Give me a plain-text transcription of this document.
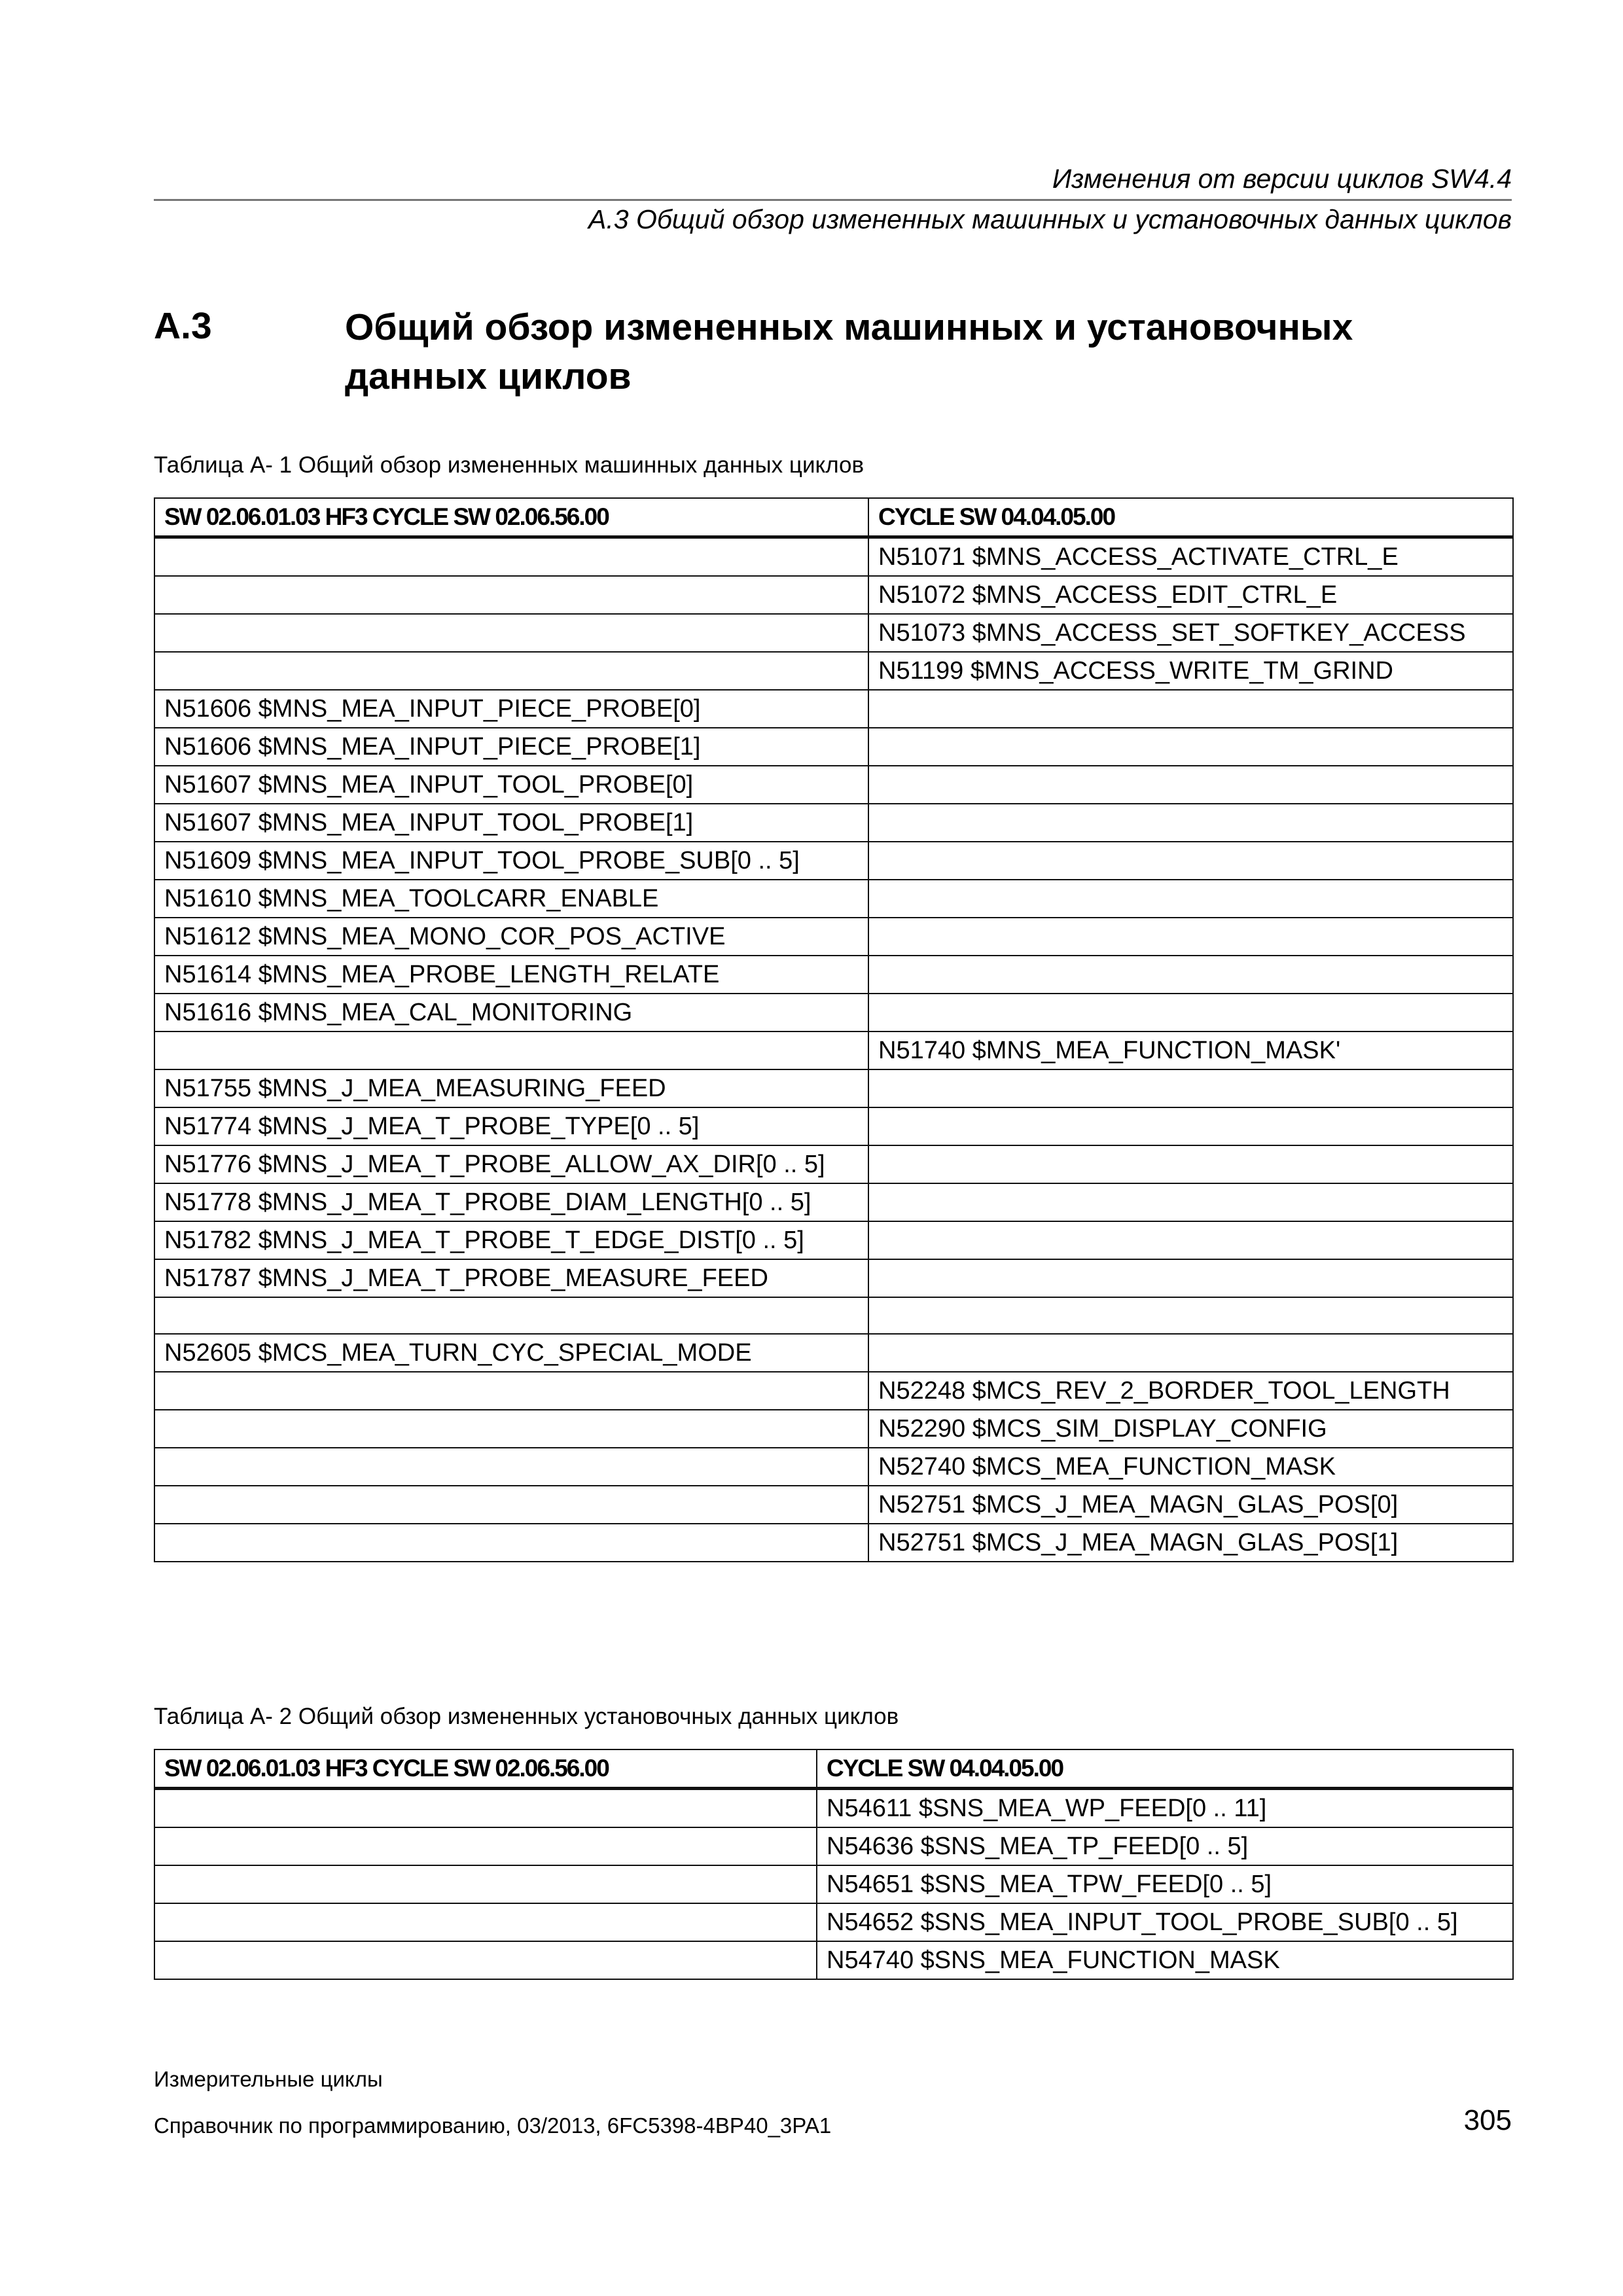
Изменения от версии циклов SW4.4
A.3 Общий обзор измененных машинных и установочных данных циклов
A.3	Общий обзор измененных машинных и установочных данных циклов
Таблица A- 1 Общий обзор измененных машинных данных циклов
SW 02.06.01.03 HF3 CYCLE SW 02.06.56.00	CYCLE SW 04.04.05.00
	N51071 $MNS_ACCESS_ACTIVATE_CTRL_E
	N51072 $MNS_ACCESS_EDIT_CTRL_E
	N51073 $MNS_ACCESS_SET_SOFTKEY_ACCESS
	N51199 $MNS_ACCESS_WRITE_TM_GRIND
N51606 $MNS_MEA_INPUT_PIECE_PROBE[0]	
N51606 $MNS_MEA_INPUT_PIECE_PROBE[1]	
N51607 $MNS_MEA_INPUT_TOOL_PROBE[0]	
N51607 $MNS_MEA_INPUT_TOOL_PROBE[1]	
N51609 $MNS_MEA_INPUT_TOOL_PROBE_SUB[0 .. 5]	
N51610 $MNS_MEA_TOOLCARR_ENABLE	
N51612 $MNS_MEA_MONO_COR_POS_ACTIVE	
N51614 $MNS_MEA_PROBE_LENGTH_RELATE	
N51616 $MNS_MEA_CAL_MONITORING	
	N51740 $MNS_MEA_FUNCTION_MASK'
N51755 $MNS_J_MEA_MEASURING_FEED	
N51774 $MNS_J_MEA_T_PROBE_TYPE[0 .. 5]	
N51776 $MNS_J_MEA_T_PROBE_ALLOW_AX_DIR[0 .. 5]	
N51778 $MNS_J_MEA_T_PROBE_DIAM_LENGTH[0 .. 5]	
N51782 $MNS_J_MEA_T_PROBE_T_EDGE_DIST[0 .. 5]	
N51787 $MNS_J_MEA_T_PROBE_MEASURE_FEED	

N52605 $MCS_MEA_TURN_CYC_SPECIAL_MODE	
	N52248 $MCS_REV_2_BORDER_TOOL_LENGTH
	N52290 $MCS_SIM_DISPLAY_CONFIG
	N52740 $MCS_MEA_FUNCTION_MASK
	N52751 $MCS_J_MEA_MAGN_GLAS_POS[0]
	N52751 $MCS_J_MEA_MAGN_GLAS_POS[1]
Таблица A- 2 Общий обзор измененных установочных данных циклов
SW 02.06.01.03 HF3 CYCLE SW 02.06.56.00	CYCLE SW 04.04.05.00
	N54611 $SNS_MEA_WP_FEED[0 .. 11]
	N54636 $SNS_MEA_TP_FEED[0 .. 5]
	N54651 $SNS_MEA_TPW_FEED[0 .. 5]
	N54652 $SNS_MEA_INPUT_TOOL_PROBE_SUB[0 .. 5]
	N54740 $SNS_MEA_FUNCTION_MASK
Измерительные циклы
Справочник по программированию, 03/2013, 6FC5398-4BP40_3PA1	305
